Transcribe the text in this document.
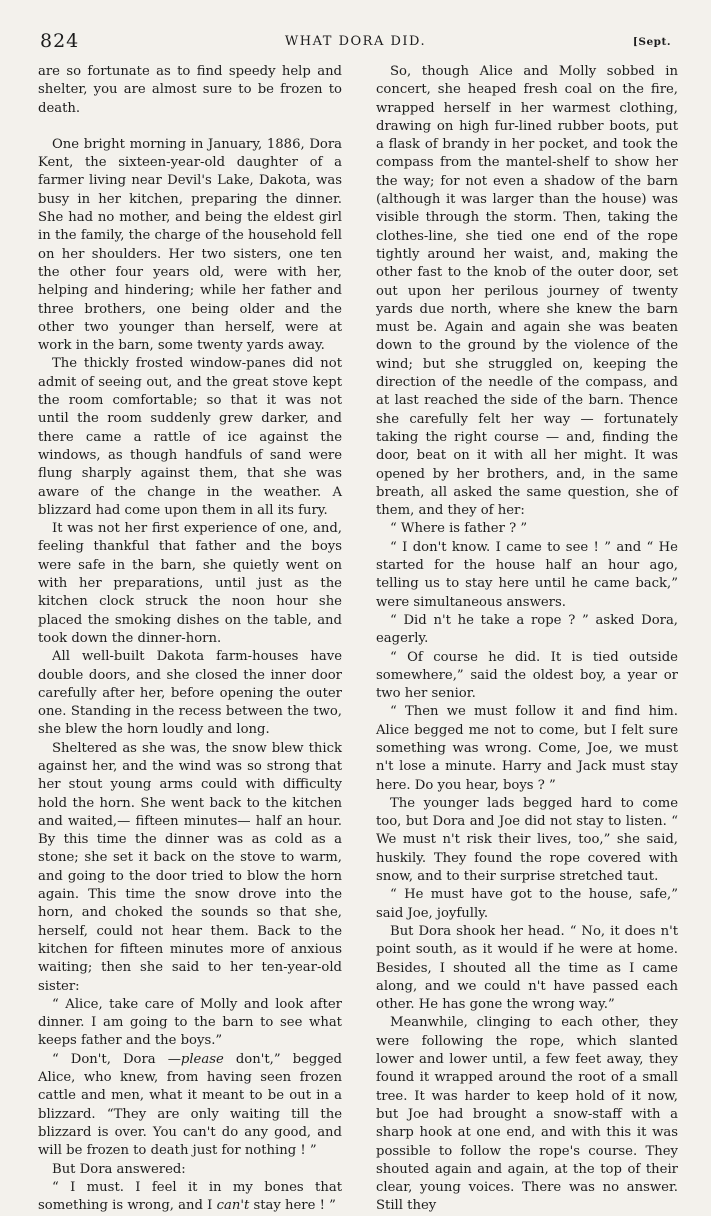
824	WHAT DORA DID.	[Sept.

are so fortunate as to find speedy help and shelter, you are almost sure to be frozen to death.

One bright morning in January, 1886, Dora Kent, the sixteen-year-old daughter of a farmer living near Devil's Lake, Dakota, was busy in her kitchen, preparing the dinner. She had no mother, and being the eldest girl in the family, the charge of the household fell on her shoulders. Her two sisters, one ten the other four years old, were with her, helping and hindering; while her father and three brothers, one being older and the other two younger than herself, were at work in the barn, some twenty yards away.

The thickly frosted window-panes did not admit of seeing out, and the great stove kept the room comfortable; so that it was not until the room suddenly grew darker, and there came a rattle of ice against the windows, as though handfuls of sand were flung sharply against them, that she was aware of the change in the weather. A blizzard had come upon them in all its fury.

It was not her first experience of one, and, feeling thankful that father and the boys were safe in the barn, she quietly went on with her preparations, until just as the kitchen clock struck the noon hour she placed the smoking dishes on the table, and took down the dinner-horn.

All well-built Dakota farm-houses have double doors, and she closed the inner door carefully after her, before opening the outer one. Standing in the recess between the two, she blew the horn loudly and long.

Sheltered as she was, the snow blew thick against her, and the wind was so strong that her stout young arms could with difficulty hold the horn. She went back to the kitchen and waited,— fifteen minutes— half an hour. By this time the dinner was as cold as a stone; she set it back on the stove to warm, and going to the door tried to blow the horn again. This time the snow drove into the horn, and choked the sounds so that she, herself, could not hear them. Back to the kitchen for fifteen minutes more of anxious waiting; then she said to her ten-year-old sister:

“ Alice, take care of Molly and look after dinner. I am going to the barn to see what keeps father and the boys.”

“ Don't, Dora —please don't,” begged Alice, who knew, from having seen frozen cattle and men, what it meant to be out in a blizzard. “They are only waiting till the blizzard is over. You can't do any good, and will be frozen to death just for nothing ! ”

But Dora answered:

“ I must. I feel it in my bones that something is wrong, and I can't stay here ! ”

So, though Alice and Molly sobbed in concert, she heaped fresh coal on the fire, wrapped herself in her warmest clothing, drawing on high fur-lined rubber boots, put a flask of brandy in her pocket, and took the compass from the mantel-shelf to show her the way; for not even a shadow of the barn (although it was larger than the house) was visible through the storm. Then, taking the clothes-line, she tied one end of the rope tightly around her waist, and, making the other fast to the knob of the outer door, set out upon her perilous journey of twenty yards due north, where she knew the barn must be. Again and again she was beaten down to the ground by the violence of the wind; but she struggled on, keeping the direction of the needle of the compass, and at last reached the side of the barn. Thence she carefully felt her way — fortunately taking the right course — and, finding the door, beat on it with all her might. It was opened by her brothers, and, in the same breath, all asked the same question, she of them, and they of her:

“ Where is father ? ”

“ I don't know. I came to see ! ” and “ He started for the house half an hour ago, telling us to stay here until he came back,” were simultaneous answers.

“ Did n't he take a rope ? ” asked Dora, eagerly.

“ Of course he did. It is tied outside somewhere,” said the oldest boy, a year or two her senior.

“ Then we must follow it and find him. Alice begged me not to come, but I felt sure something was wrong. Come, Joe, we must n't lose a minute. Harry and Jack must stay here. Do you hear, boys ? ”

The younger lads begged hard to come too, but Dora and Joe did not stay to listen. “ We must n't risk their lives, too,” she said, huskily. They found the rope covered with snow, and to their surprise stretched taut.

“ He must have got to the house, safe,” said Joe, joyfully.

But Dora shook her head. “ No, it does n't point south, as it would if he were at home. Besides, I shouted all the time as I came along, and we could n't have passed each other. He has gone the wrong way.”

Meanwhile, clinging to each other, they were following the rope, which slanted lower and lower until, a few feet away, they found it wrapped around the root of a small tree. It was harder to keep hold of it now, but Joe had brought a snow-staff with a sharp hook at one end, and with this it was possible to follow the rope's course. They shouted again and again, at the top of their clear, young voices. There was no answer. Still they
